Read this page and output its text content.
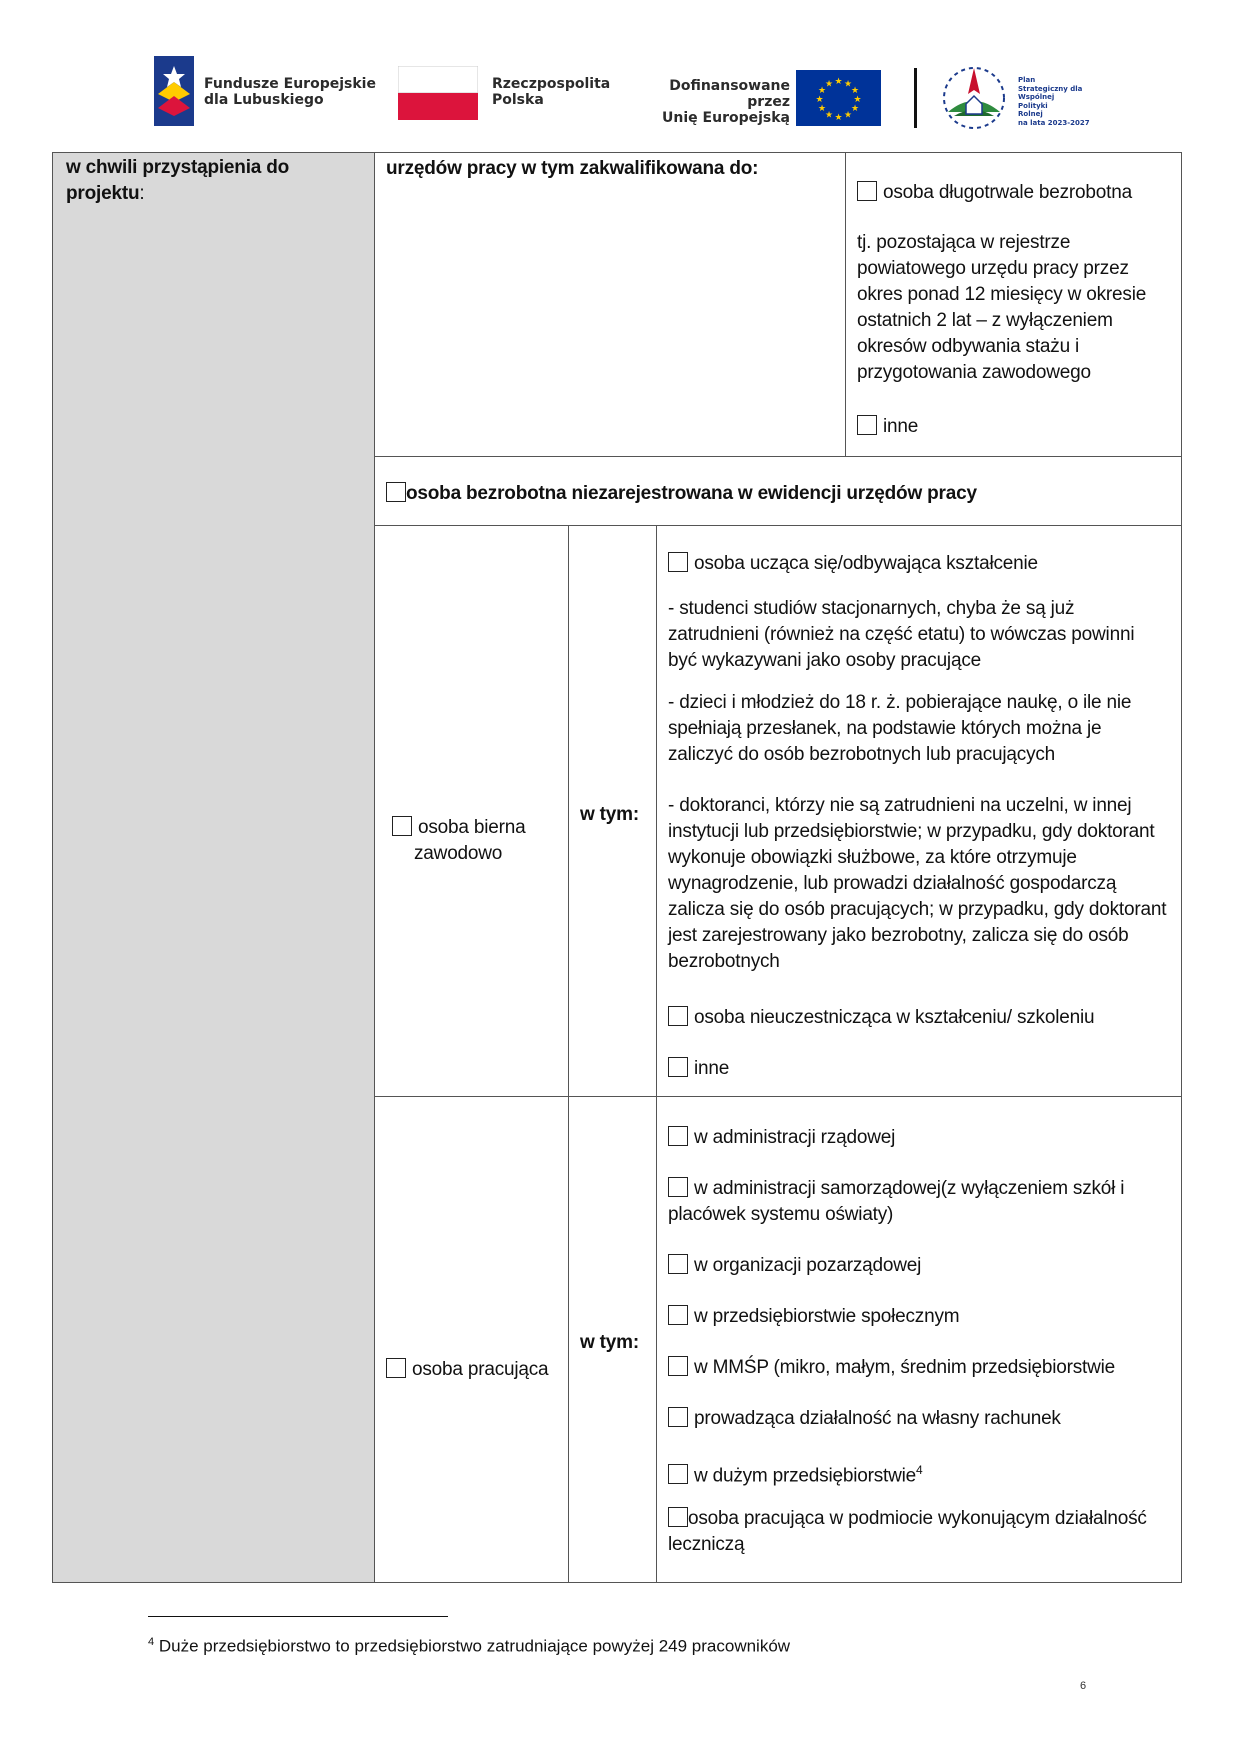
Fundusze Europejskie
dla Lubuskiego
Rzeczpospolita
Polska
Dofinansowane przez
Unię Europejską
★ ★
★
★
★
★
★
★
★
★
★
★	Plan
Strategiczny dla
Wspólnej
Polityki
Rolnej
na lata 2023-2027
w chwili przystąpienia do
projektu:
urzędów pracy w tym zakwalifikowana do:
osoba długotrwale bezrobotna
tj. pozostająca w rejestrze
powiatowego urzędu pracy przez
okres ponad 12 miesięcy w okresie
ostatnich 2 lat – z wyłączeniem
okresów odbywania stażu i
przygotowania zawodowego
inne
osoba bezrobotna niezarejestrowana w ewidencji urzędów pracy
osoba bierna
zawodowo
w tym:
osoba ucząca się/odbywająca kształcenie
- studenci studiów stacjonarnych, chyba że są już
zatrudnieni (również na część etatu) to wówczas powinni
być wykazywani jako osoby pracujące
- dzieci i młodzież do 18 r. ż. pobierające naukę, o ile nie
spełniają przesłanek, na podstawie których można je
zaliczyć do osób bezrobotnych lub pracujących
- doktoranci, którzy nie są zatrudnieni na uczelni, w innej
instytucji lub przedsiębiorstwie; w przypadku, gdy doktorant
wykonuje obowiązki służbowe, za które otrzymuje
wynagrodzenie, lub prowadzi działalność gospodarczą
zalicza się do osób pracujących; w przypadku, gdy doktorant
jest zarejestrowany jako bezrobotny, zalicza się do osób
bezrobotnych
osoba nieuczestnicząca w kształceniu/ szkoleniu
inne
osoba pracująca
w tym:
w administracji rządowej
w administracji samorządowej(z wyłączeniem szkół i
placówek systemu oświaty)
w organizacji pozarządowej
w przedsiębiorstwie społecznym
w MMŚP (mikro, małym, średnim przedsiębiorstwie
prowadząca działalność na własny rachunek
w dużym przedsiębiorstwie$^4$
osoba pracująca w podmiocie wykonującym działalność
leczniczą
$^4$ Duże przedsiębiorstwo to przedsiębiorstwo zatrudniające powyżej 249 pracowników
6
